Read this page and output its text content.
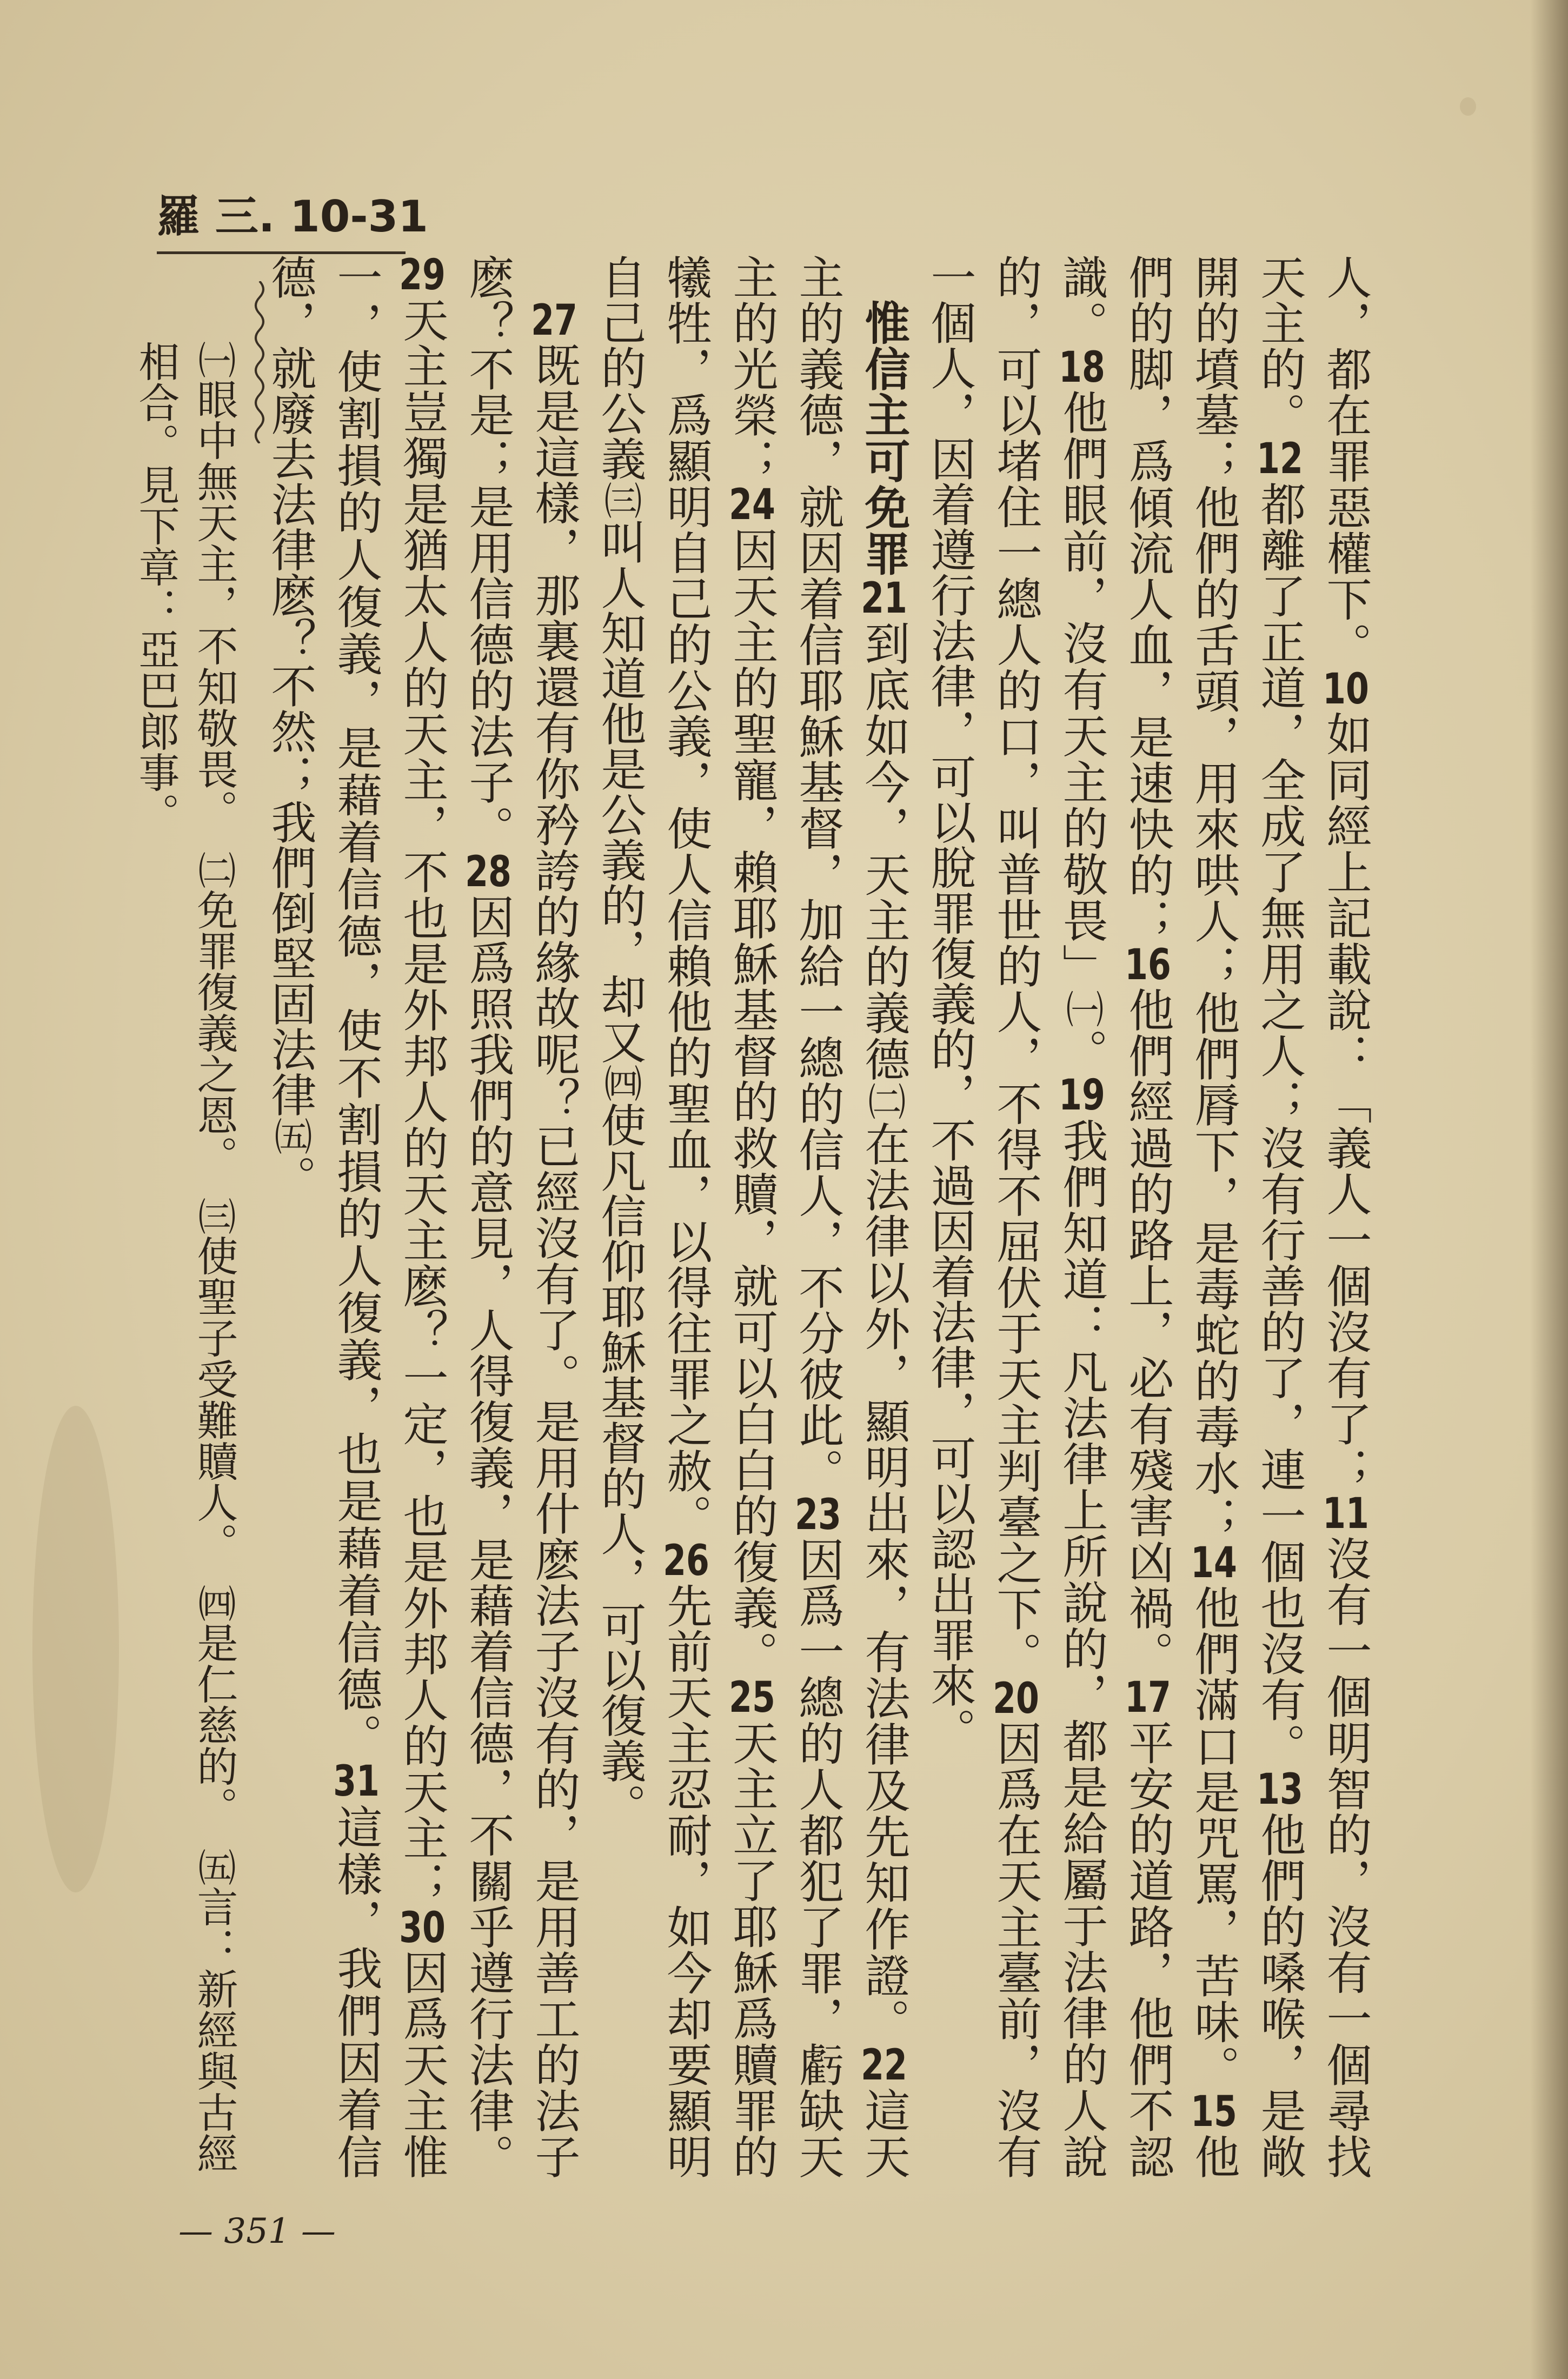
羅 三. 10-31

人，都在罪惡權下。10如同經上記載說：「義人一個沒有了；11沒有一個明智的，沒有一個尋找天主的。12都離了正道，全成了無用之人；沒有行善的了，連一個也沒有。13他們的嗓喉，是敞開的墳墓；他們的舌頭，用來哄人；他們脣下，是毒蛇的毒水；14他們滿口是咒罵，苦味。15他們的脚，爲傾流人血，是速快的；16他們經過的路上，必有殘害凶禍。17平安的道路，他們不認識。18他們眼前，沒有天主的敬畏」㈠。19我們知道：凡法律上所說的，都是給屬于法律的人說的，可以堵住一總人的口，叫普世的人，不得不屈伏于天主判臺之下。20因爲在天主臺前，沒有一個人，因着遵行法律，可以脫罪復義的，不過因着法律，可以認出罪來。

惟信主可免罪21到底如今，天主的義德㈡在法律以外，顯明出來，有法律及先知作證。22這天主的義德，就因着信耶穌基督，加給一總的信人，不分彼此。23因爲一總的人都犯了罪，虧缺天主的光榮；24因天主的聖寵，賴耶穌基督的救贖，就可以白白的復義。25天主立了耶穌爲贖罪的犧牲，爲顯明自己的公義，使人信賴他的聖血，以得往罪之赦。26先前天主忍耐，如今却要顯明自己的公義㈢叫人知道他是公義的，却又㈣使凡信仰耶穌基督的人，可以復義。

27既是這樣，那裏還有你矜誇的緣故呢？已經沒有了。是用什麽法子沒有的，是用善工的法子麽？不是；是用信德的法子。28因爲照我們的意見，人得復義，是藉着信德，不關乎遵行法律。29天主豈獨是猶太人的天主，不也是外邦人的天主麽？一定，也是外邦人的天主；30因爲天主惟一，使割損的人復義，是藉着信德，使不割損的人復義，也是藉着信德。31這樣，我們因着信德，就廢去法律麽？不然；我們倒堅固法律㈤。

㈠眼中無天主，不知敬畏。　㈡免罪復義之恩。　㈢使聖子受難贖人。　㈣是仁慈的。　㈤言：新經與古經相合。見下章：亞巴郎事。

— 351 —
